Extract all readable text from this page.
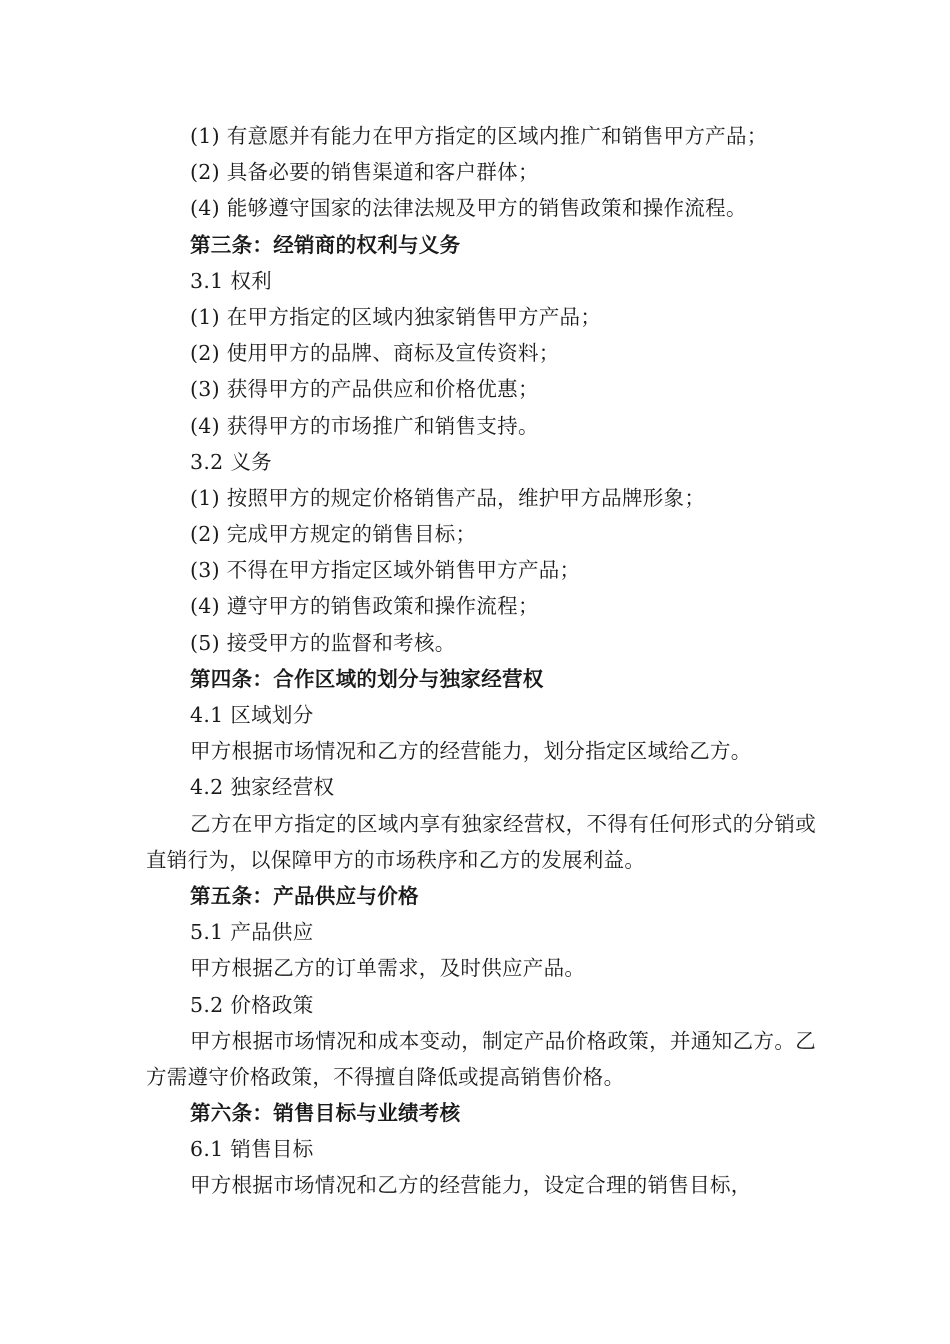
(1) 有意愿并有能力在甲方指定的区域内推广和销售甲方产品；
(2) 具备必要的销售渠道和客户群体；
(4) 能够遵守国家的法律法规及甲方的销售政策和操作流程。
第三条：经销商的权利与义务
3.1 权利
(1) 在甲方指定的区域内独家销售甲方产品；
(2) 使用甲方的品牌、商标及宣传资料；
(3) 获得甲方的产品供应和价格优惠；
(4) 获得甲方的市场推广和销售支持。
3.2 义务
(1) 按照甲方的规定价格销售产品，维护甲方品牌形象；
(2) 完成甲方规定的销售目标；
(3) 不得在甲方指定区域外销售甲方产品；
(4) 遵守甲方的销售政策和操作流程；
(5) 接受甲方的监督和考核。
第四条：合作区域的划分与独家经营权
4.1 区域划分
甲方根据市场情况和乙方的经营能力，划分指定区域给乙方。
4.2 独家经营权
乙方在甲方指定的区域内享有独家经营权，不得有任何形式的分销或直销行为，以保障甲方的市场秩序和乙方的发展利益。
第五条：产品供应与价格
5.1 产品供应
甲方根据乙方的订单需求，及时供应产品。
5.2 价格政策
甲方根据市场情况和成本变动，制定产品价格政策，并通知乙方。乙方需遵守价格政策，不得擅自降低或提高销售价格。
第六条：销售目标与业绩考核
6.1 销售目标
甲方根据市场情况和乙方的经营能力，设定合理的销售目标，
